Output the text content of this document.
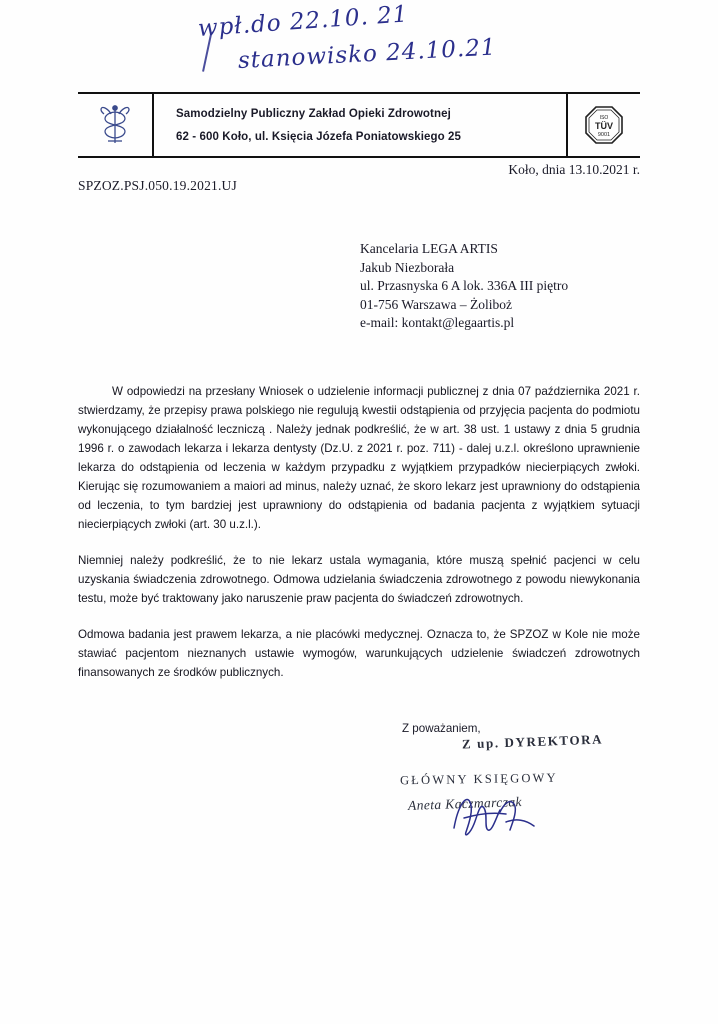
wpł.do 22.10. 21
stanowisko 24.10.21
Samodzielny Publiczny Zakład Opieki Zdrowotnej
62 - 600 Koło, ul. Księcia Józefa Poniatowskiego 25
ISO
TÜV
9001
Koło, dnia 13.10.2021 r.
SPZOZ.PSJ.050.19.2021.UJ
Kancelaria LEGA ARTIS
Jakub Niezborała
ul. Przasnyska 6 A lok. 336A III piętro
01-756 Warszawa – Żoliboż
e-mail: kontakt@legaartis.pl

W odpowiedzi na przesłany Wniosek o udzielenie informacji publicznej z dnia 07 października 2021 r. stwierdzamy, że przepisy prawa polskiego nie regulują kwestii odstąpienia od przyjęcia pacjenta do podmiotu wykonującego działalność leczniczą . Należy jednak podkreślić, że w art. 38 ust. 1 ustawy z dnia 5 grudnia 1996 r. o zawodach lekarza i lekarza dentysty (Dz.U. z 2021 r. poz. 711) - dalej u.z.l. określono uprawnienie lekarza do odstąpienia od leczenia w każdym przypadku z wyjątkiem przypadków niecierpiących zwłoki. Kierując się rozumowaniem a maiori ad minus, należy uznać, że skoro lekarz jest uprawniony do odstąpienia od leczenia, to tym bardziej jest uprawniony do odstąpienia od badania pacjenta z wyjątkiem sytuacji niecierpiących zwłoki (art. 30 u.z.l.).

Niemniej należy podkreślić, że to nie lekarz ustala wymagania, które muszą spełnić pacjenci w celu uzyskania świadczenia zdrowotnego. Odmowa udzielania świadczenia zdrowotnego z powodu niewykonania testu, może być traktowany jako naruszenie praw pacjenta do świadczeń zdrowotnych.

Odmowa badania jest prawem lekarza, a nie placówki medycznej. Oznacza to, że SPZOZ w Kole nie może stawiać pacjentom nieznanych ustawie wymogów, warunkujących udzielenie świadczeń zdrowotnych finansowanych ze środków publicznych.

Z poważaniem,
Z up. DYREKTORA
GŁÓWNY KSIĘGOWY
Aneta Kaczmarczak
